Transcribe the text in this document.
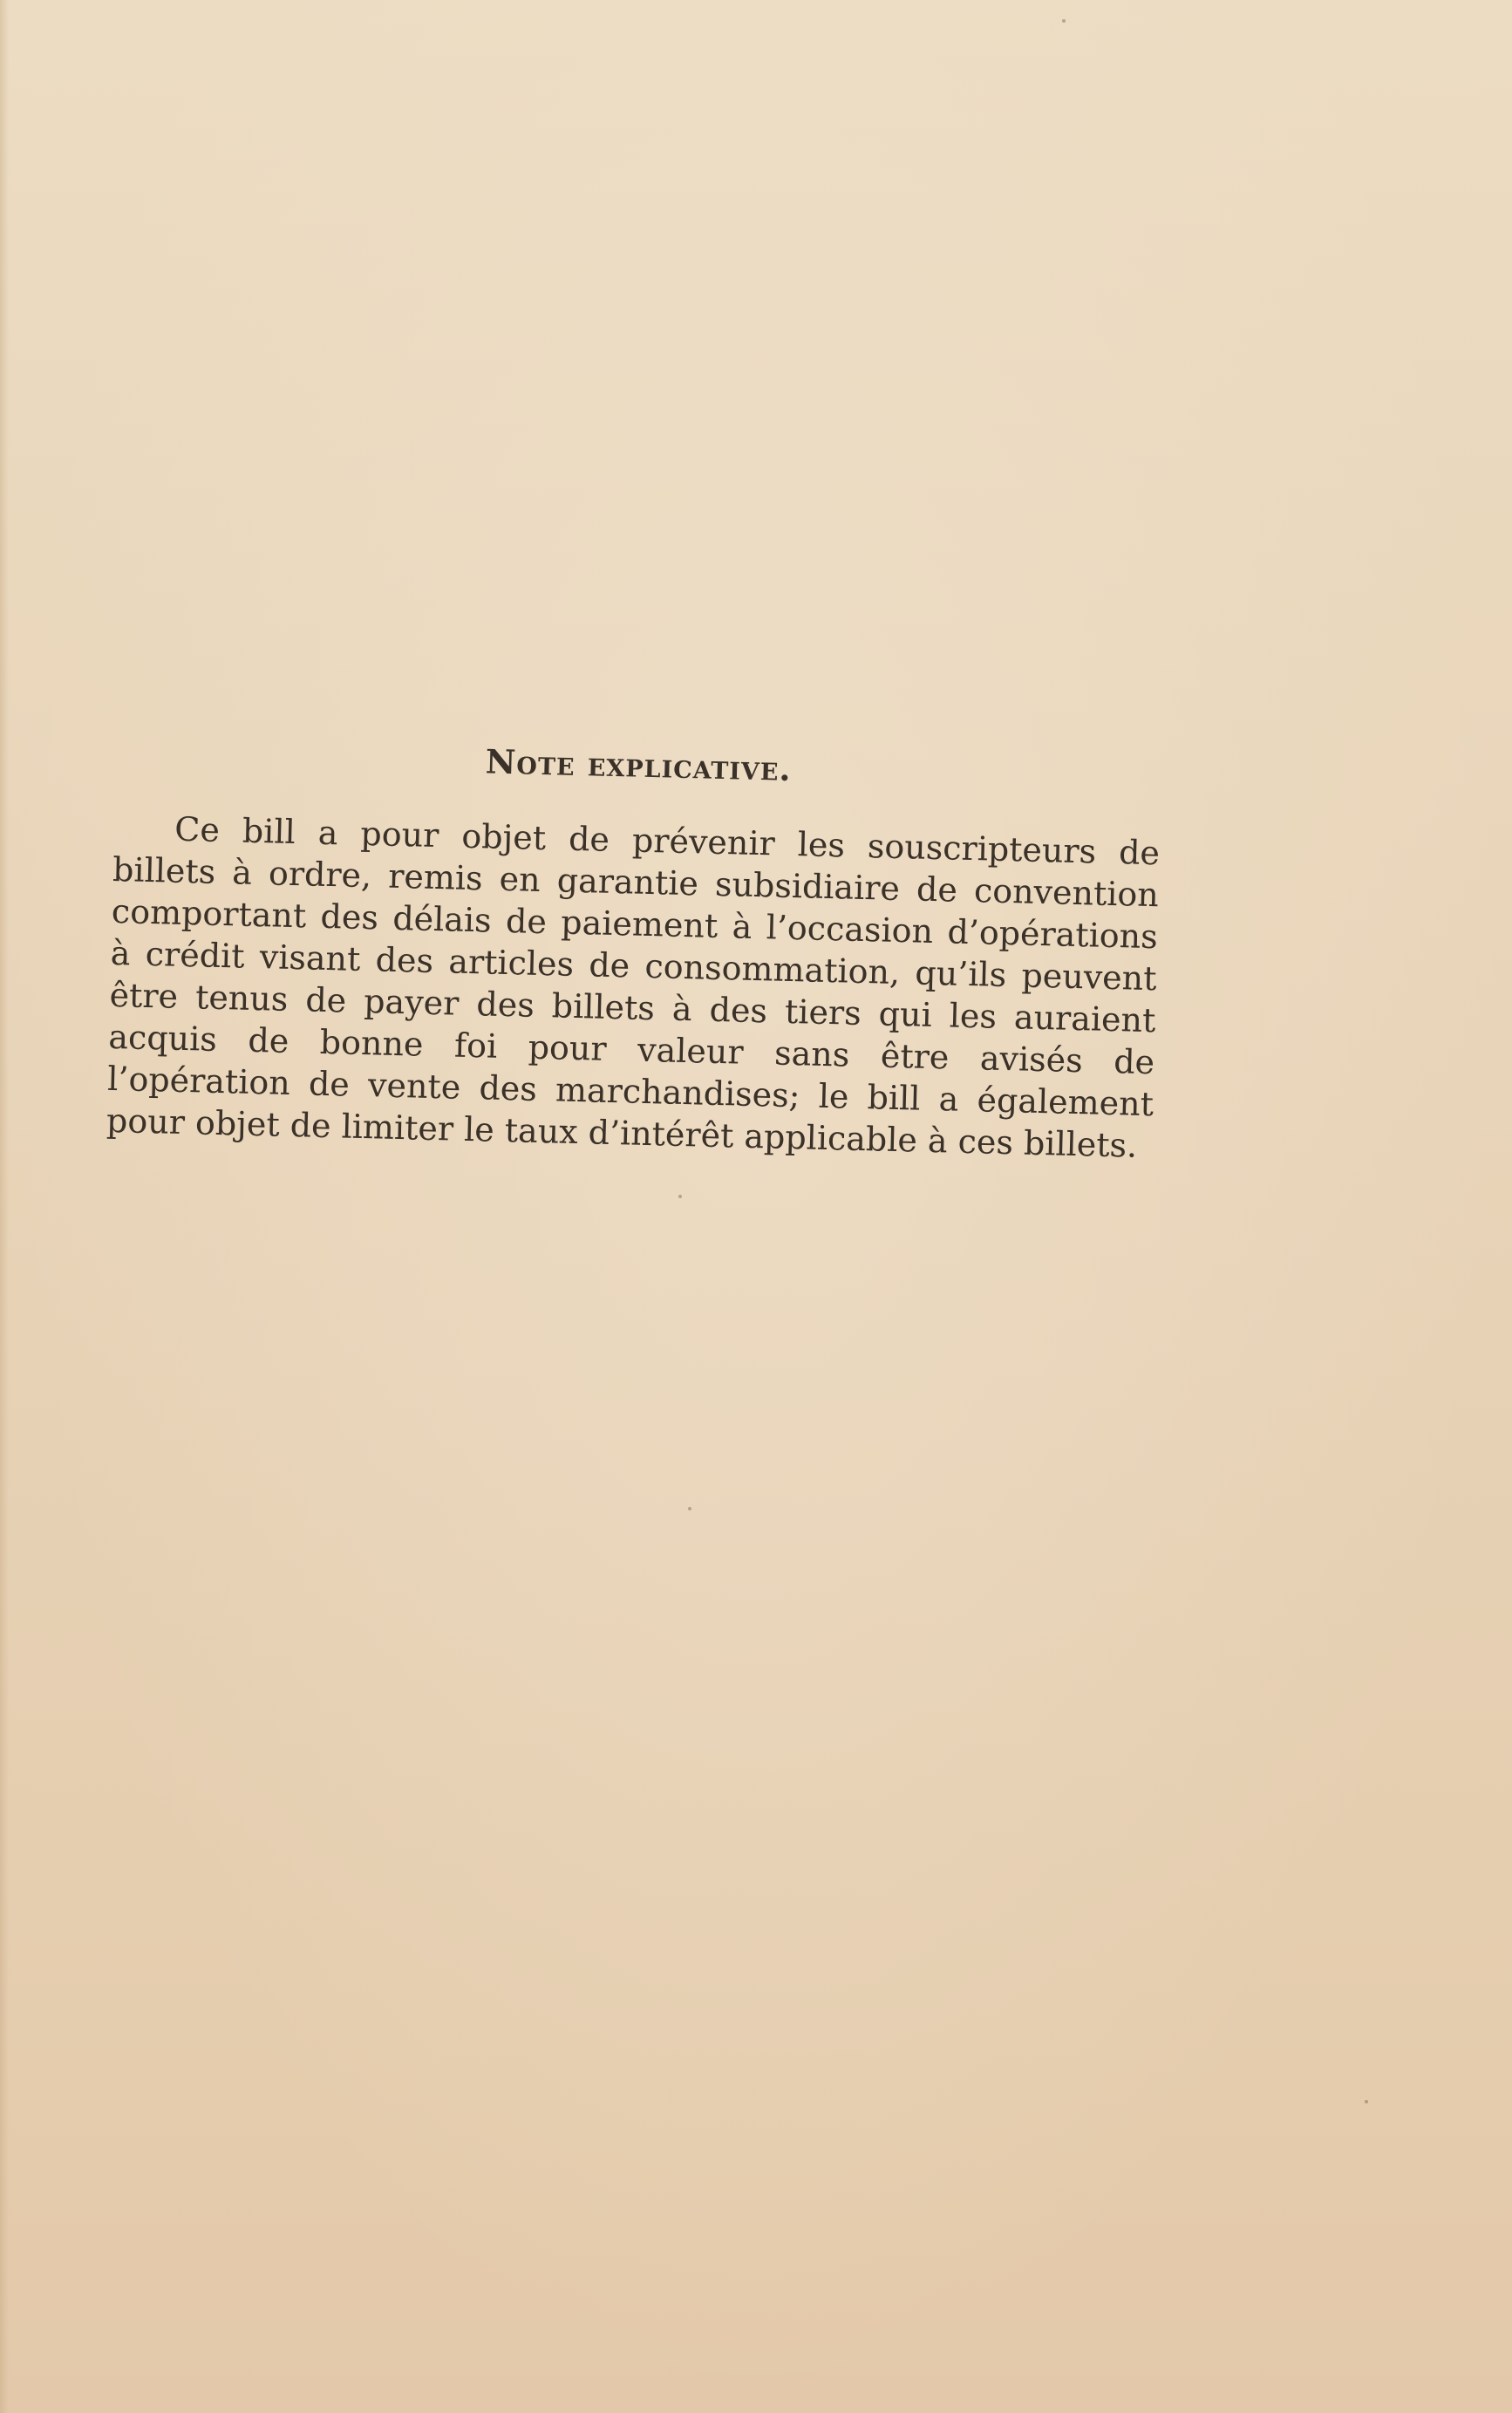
Note explicative.

Ce bill a pour objet de prévenir les souscripteurs de billets à ordre, remis en garantie subsidiaire de convention comportant des délais de paiement à l’occasion d’opérations à crédit visant des articles de consommation, qu’ils peuvent être tenus de payer des billets à des tiers qui les auraient acquis de bonne foi pour valeur sans être avisés de l’opération de vente des marchandises; le bill a également pour objet de limiter le taux d’intérêt applicable à ces billets.
